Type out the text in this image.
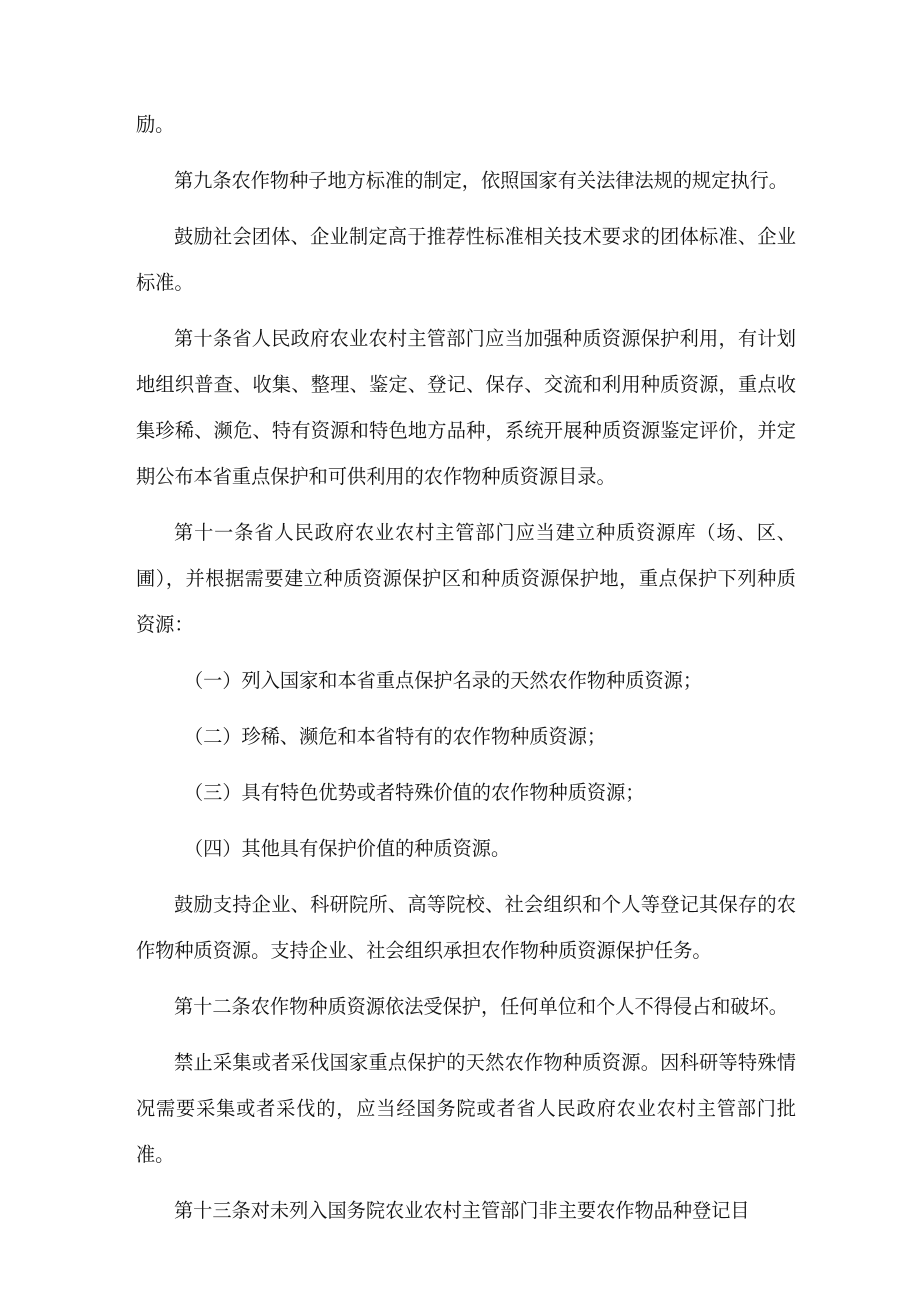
励。

第九条农作物种子地方标准的制定，依照国家有关法律法规的规定执行。

鼓励社会团体、企业制定高于推荐性标准相关技术要求的团体标准、企业标准。

第十条省人民政府农业农村主管部门应当加强种质资源保护利用，有计划地组织普查、收集、整理、鉴定、登记、保存、交流和利用种质资源，重点收集珍稀、濒危、特有资源和特色地方品种，系统开展种质资源鉴定评价，并定期公布本省重点保护和可供利用的农作物种质资源目录。

第十一条省人民政府农业农村主管部门应当建立种质资源库（场、区、圃），并根据需要建立种质资源保护区和种质资源保护地，重点保护下列种质资源：

（一）列入国家和本省重点保护名录的天然农作物种质资源；

（二）珍稀、濒危和本省特有的农作物种质资源；

（三）具有特色优势或者特殊价值的农作物种质资源；

（四）其他具有保护价值的种质资源。

鼓励支持企业、科研院所、高等院校、社会组织和个人等登记其保存的农作物种质资源。支持企业、社会组织承担农作物种质资源保护任务。

第十二条农作物种质资源依法受保护，任何单位和个人不得侵占和破坏。

禁止采集或者采伐国家重点保护的天然农作物种质资源。因科研等特殊情况需要采集或者采伐的，应当经国务院或者省人民政府农业农村主管部门批准。

第十三条对未列入国务院农业农村主管部门非主要农作物品种登记目
